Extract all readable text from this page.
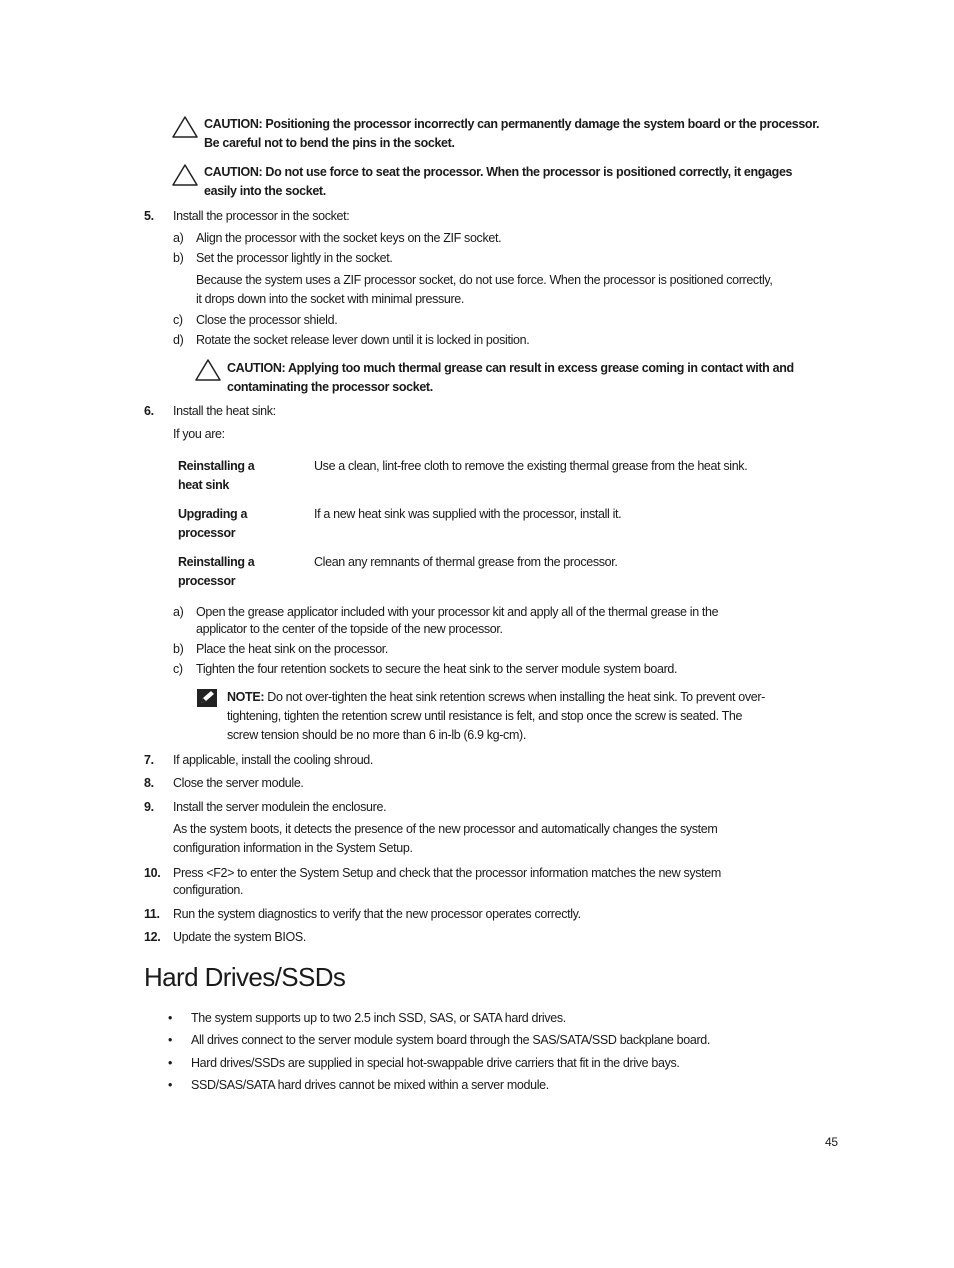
CAUTION: Positioning the processor incorrectly can permanently damage the system board or the processor.
Be careful not to bend the pins in the socket.
CAUTION: Do not use force to seat the processor. When the processor is positioned correctly, it engages
easily into the socket.
5. Install the processor in the socket:
a) Align the processor with the socket keys on the ZIF socket.
b) Set the processor lightly in the socket.
Because the system uses a ZIF processor socket, do not use force. When the processor is positioned correctly,
it drops down into the socket with minimal pressure.
c) Close the processor shield.
d) Rotate the socket release lever down until it is locked in position.
CAUTION: Applying too much thermal grease can result in excess grease coming in contact with and
contaminating the processor socket.
6. Install the heat sink:
If you are:
Reinstalling a
heat sink
Use a clean, lint-free cloth to remove the existing thermal grease from the heat sink.
Upgrading a
processor
If a new heat sink was supplied with the processor, install it.
Reinstalling a
processor
Clean any remnants of thermal grease from the processor.
a) Open the grease applicator included with your processor kit and apply all of the thermal grease in the
applicator to the center of the topside of the new processor.
b) Place the heat sink on the processor.
c) Tighten the four retention sockets to secure the heat sink to the server module system board.
NOTE: Do not over-tighten the heat sink retention screws when installing the heat sink. To prevent over-
tightening, tighten the retention screw until resistance is felt, and stop once the screw is seated. The
screw tension should be no more than 6 in-lb (6.9 kg-cm).
7. If applicable, install the cooling shroud.
8. Close the server module.
9. Install the server modulein the enclosure.
As the system boots, it detects the presence of the new processor and automatically changes the system
configuration information in the System Setup.
10. Press <F2> to enter the System Setup and check that the processor information matches the new system
configuration.
11. Run the system diagnostics to verify that the new processor operates correctly.
12. Update the system BIOS.
Hard Drives/SSDs
• The system supports up to two 2.5 inch SSD, SAS, or SATA hard drives.
• All drives connect to the server module system board through the SAS/SATA/SSD backplane board.
• Hard drives/SSDs are supplied in special hot-swappable drive carriers that fit in the drive bays.
• SSD/SAS/SATA hard drives cannot be mixed within a server module.
45
